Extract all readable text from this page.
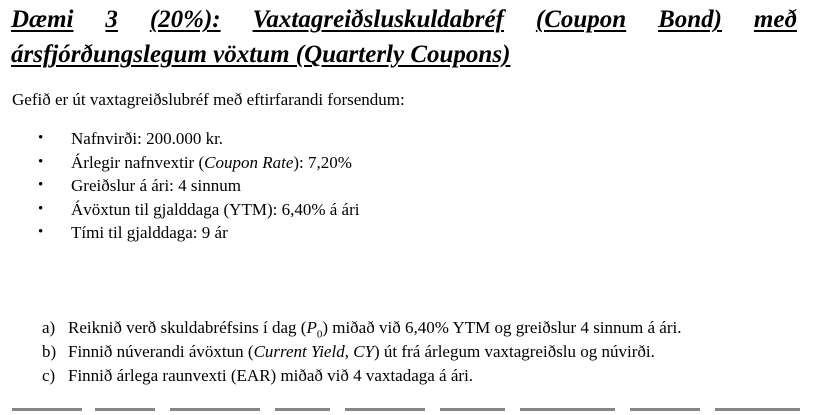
Dæmi 3 (20%): Vaxtagreiðsluskuldabréf (Coupon Bond) með
ársfjórðungslegum vöxtum (Quarterly Coupons)
Gefið er út vaxtagreiðslubréf með eftirfarandi forsendum:
• Nafnvirði: 200.000 kr.
• Árlegir nafnvextir (Coupon Rate): 7,20%
• Greiðslur á ári: 4 sinnum
• Ávöxtun til gjalddaga (YTM): 6,40% á ári
• Tími til gjalddaga: 9 ár
a) Reiknið verð skuldabréfsins í dag $(P_0)$ miðað við 6,40% YTM og greiðslur 4 sinnum á ári.
b) Finnið núverandi ávöxtun (Current Yield, CY) út frá árlegum vaxtagreiðslu og núvirði.
c) Finnið árlega raunvexti (EAR) miðað við 4 vaxtadaga á ári.
